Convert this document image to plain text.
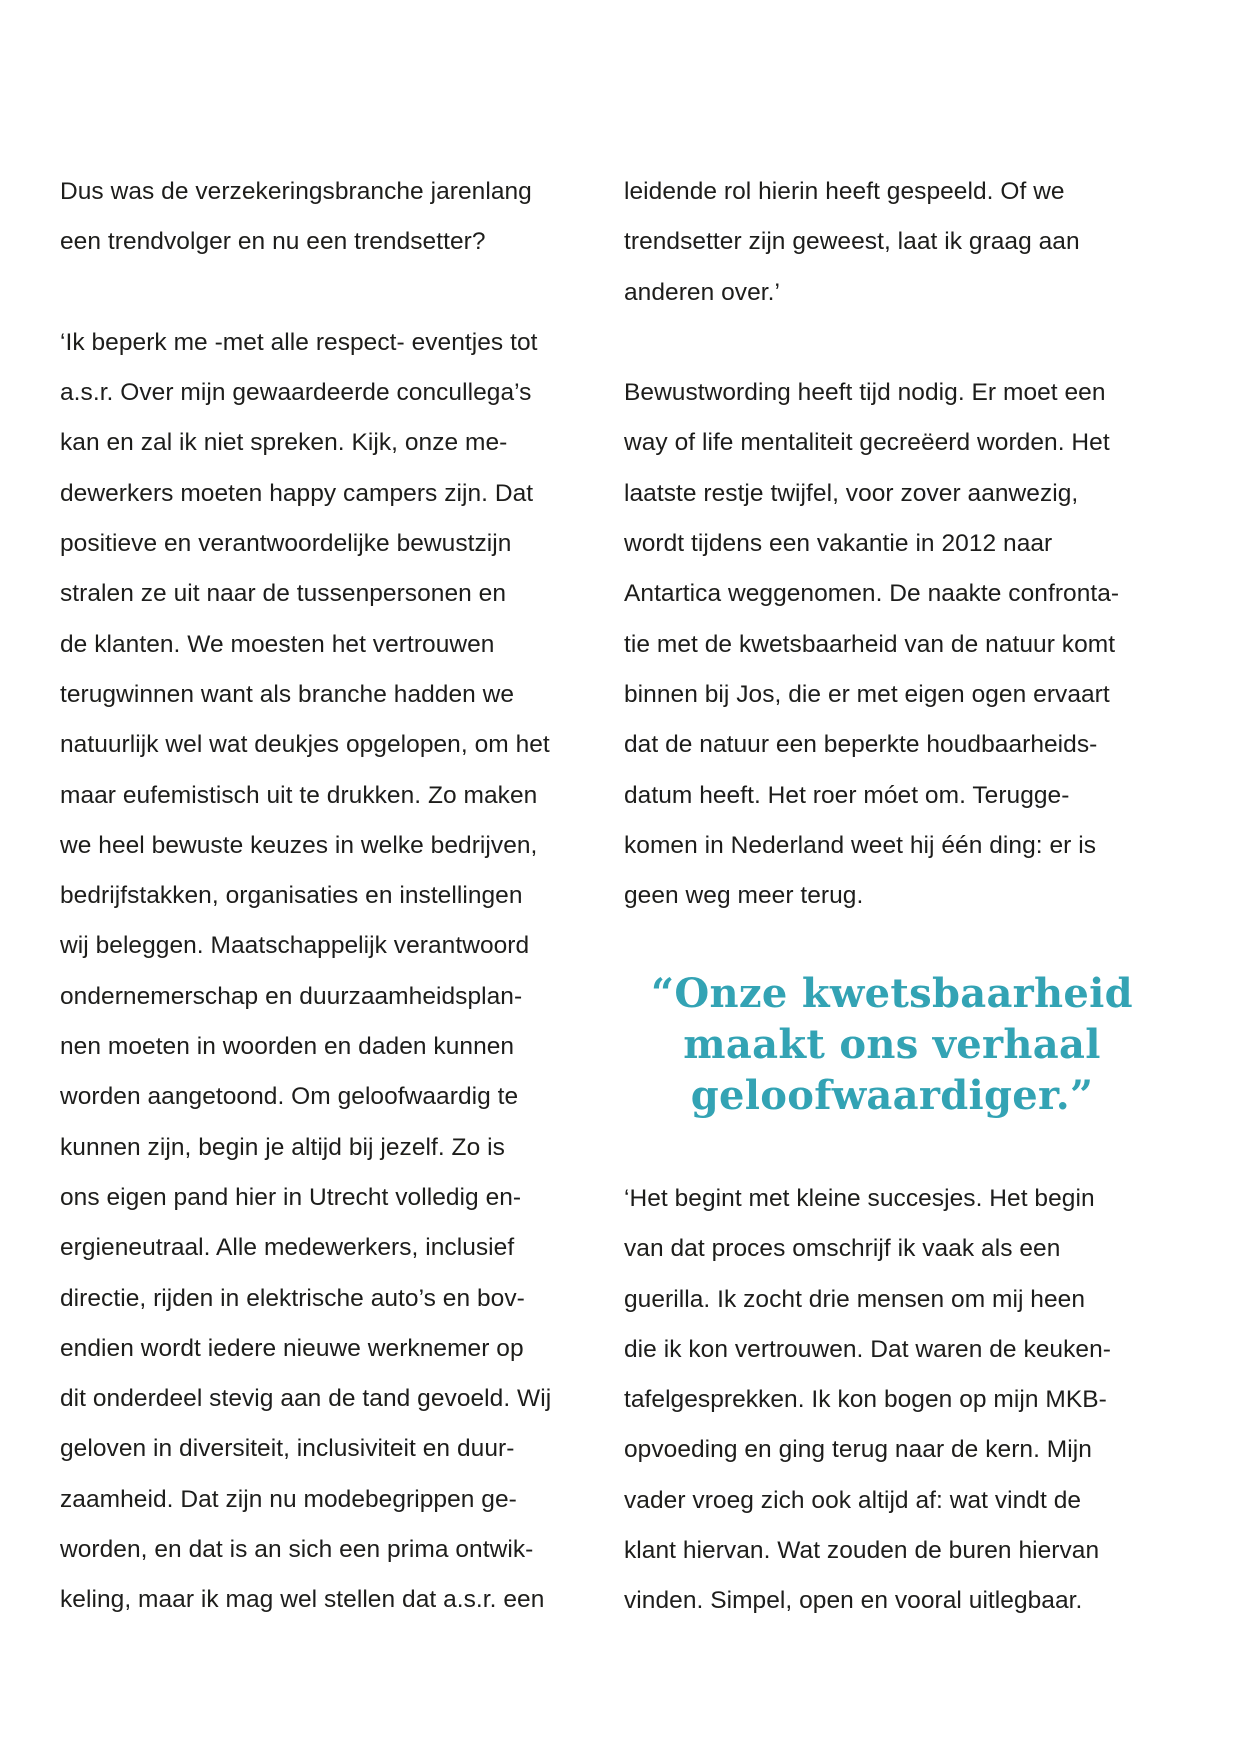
Dus was de verzekeringsbranche jarenlang
een trendvolger en nu een trendsetter?
‘Ik beperk me -met alle respect- eventjes tot
a.s.r. Over mijn gewaardeerde concullega’s
kan en zal ik niet spreken. Kijk, onze me-
dewerkers moeten happy campers zijn. Dat
positieve en verantwoordelijke bewustzijn
stralen ze uit naar de tussenpersonen en
de klanten. We moesten het vertrouwen
terugwinnen want als branche hadden we
natuurlijk wel wat deukjes opgelopen, om het
maar eufemistisch uit te drukken. Zo maken
we heel bewuste keuzes in welke bedrijven,
bedrijfstakken, organisaties en instellingen
wij beleggen. Maatschappelijk verantwoord
ondernemerschap en duurzaamheidsplan-
nen moeten in woorden en daden kunnen
worden aangetoond. Om geloofwaardig te
kunnen zijn, begin je altijd bij jezelf. Zo is
ons eigen pand hier in Utrecht volledig en-
ergieneutraal. Alle medewerkers, inclusief
directie, rijden in elektrische auto’s en bov-
endien wordt iedere nieuwe werknemer op
dit onderdeel stevig aan de tand gevoeld. Wij
geloven in diversiteit, inclusiviteit en duur-
zaamheid. Dat zijn nu modebegrippen ge-
worden, en dat is an sich een prima ontwik-
keling, maar ik mag wel stellen dat a.s.r. een
leidende rol hierin heeft gespeeld. Of we
trendsetter zijn geweest, laat ik graag aan
anderen over.’
Bewustwording heeft tijd nodig. Er moet een
way of life mentaliteit gecreëerd worden. Het
laatste restje twijfel, voor zover aanwezig,
wordt tijdens een vakantie in 2012 naar
Antartica weggenomen. De naakte confronta-
tie met de kwetsbaarheid van de natuur komt
binnen bij Jos, die er met eigen ogen ervaart
dat de natuur een beperkte houdbaarheids-
datum heeft. Het roer móet om. Terugge-
komen in Nederland weet hij één ding: er is
geen weg meer terug.
“Onze kwetsbaarheid
maakt ons verhaal
geloofwaardiger.”
‘Het begint met kleine succesjes. Het begin
van dat proces omschrijf ik vaak als een
guerilla. Ik zocht drie mensen om mij heen
die ik kon vertrouwen. Dat waren de keuken-
tafelgesprekken. Ik kon bogen op mijn MKB-
opvoeding en ging terug naar de kern. Mijn
vader vroeg zich ook altijd af: wat vindt de
klant hiervan. Wat zouden de buren hiervan
vinden. Simpel, open en vooral uitlegbaar.
